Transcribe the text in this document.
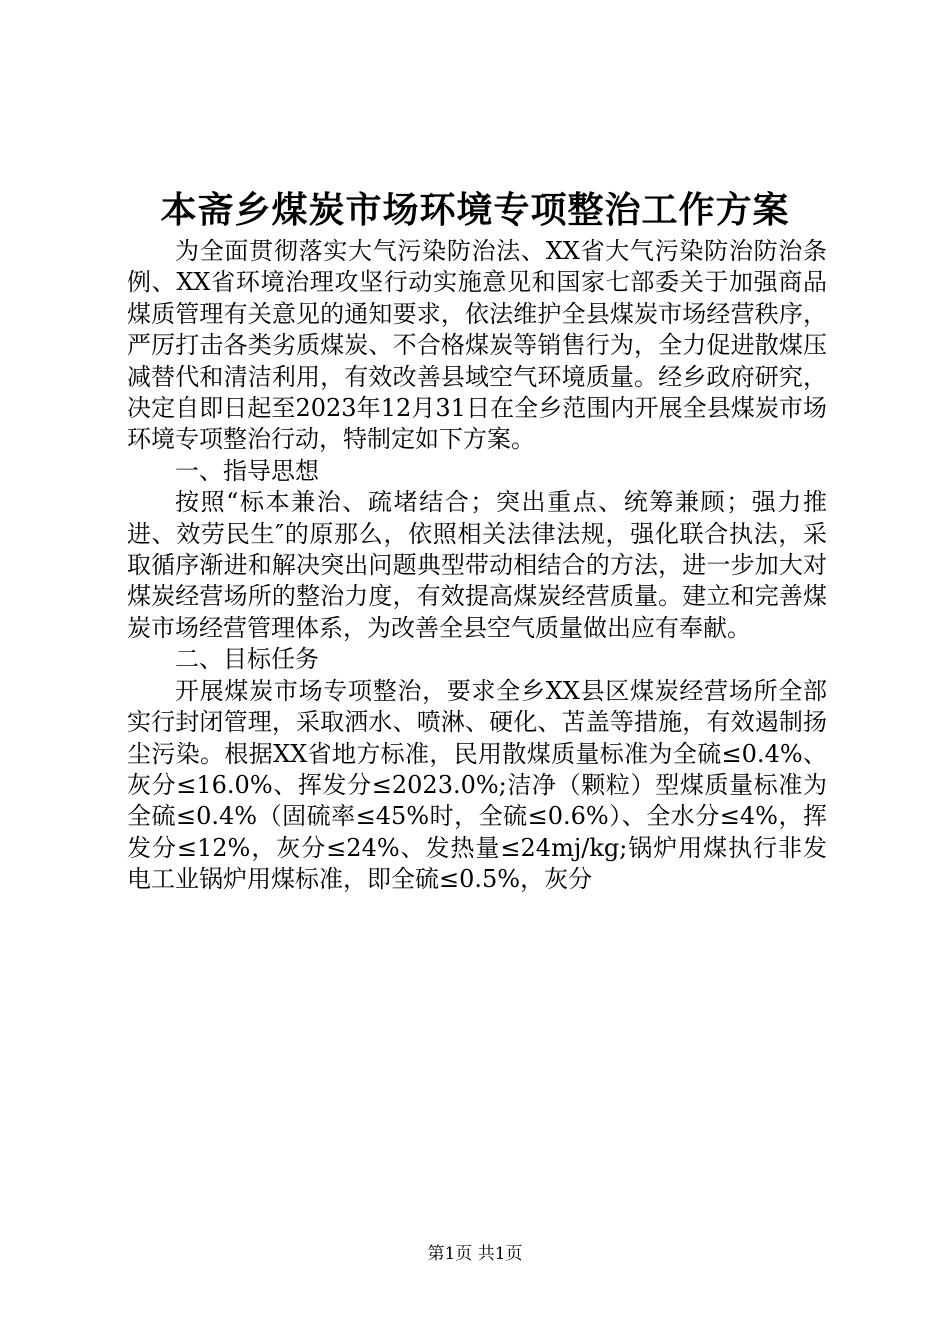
本斋乡煤炭市场环境专项整治工作方案

为全面贯彻落实大气污染防治法、XX省大气污染防治防治条例、XX省环境治理攻坚行动实施意见和国家七部委关于加强商品煤质管理有关意见的通知要求，依法维护全县煤炭市场经营秩序，严厉打击各类劣质煤炭、不合格煤炭等销售行为，全力促进散煤压减替代和清洁利用，有效改善县域空气环境质量。经乡政府研究，决定自即日起至2023年12月31日在全乡范围内开展全县煤炭市场环境专项整治行动，特制定如下方案。

一、指导思想

按照“标本兼治、疏堵结合；突出重点、统筹兼顾；强力推进、效劳民生″的原那么，依照相关法律法规，强化联合执法，采取循序渐进和解决突出问题典型带动相结合的方法，进一步加大对煤炭经营场所的整治力度，有效提高煤炭经营质量。建立和完善煤炭市场经营管理体系，为改善全县空气质量做出应有奉献。

二、目标任务

开展煤炭市场专项整治，要求全乡XX县区煤炭经营场所全部实行封闭管理，采取洒水、喷淋、硬化、苫盖等措施，有效遏制扬尘污染。根据XX省地方标准，民用散煤质量标准为全硫≤0.4%、灰分≤16.0%、挥发分≤2023.0%;洁净（颗粒）型煤质量标准为全硫≤0.4%（固硫率≤45%时，全硫≤0.6%）、全水分≤4%，挥发分≤12%，灰分≤24%、发热量≤24mj/kg;锅炉用煤执行非发电工业锅炉用煤标准，即全硫≤0.5%，灰分

第1页 共1页
